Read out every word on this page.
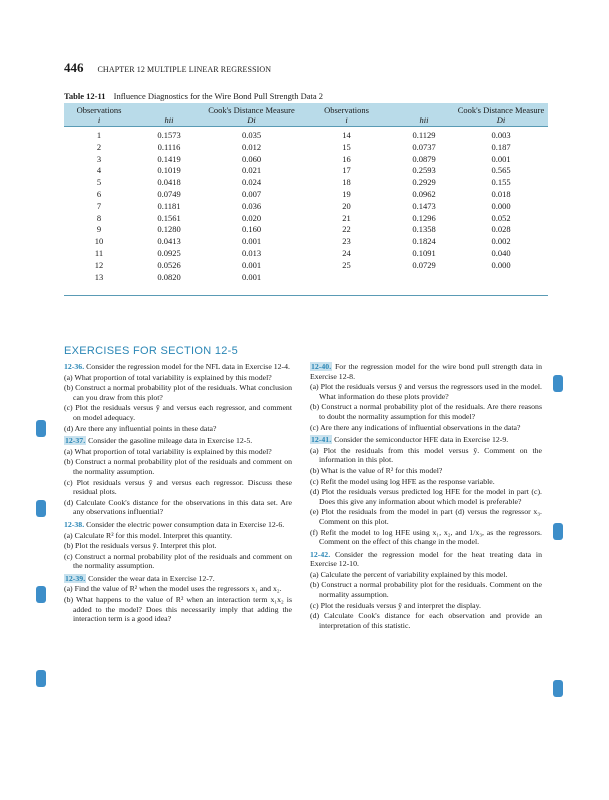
446 CHAPTER 12 MULTIPLE LINEAR REGRESSION
Table 12-11 Influence Diagnostics for the Wire Bond Pull Strength Data 2
Observations		Cook's Distance Measure	Observations		Cook's Distance Measure
i	hii	Di	i	hii	Di
1	0.1573	0.035	14	0.1129	0.003
2	0.1116	0.012	15	0.0737	0.187
3	0.1419	0.060	16	0.0879	0.001
4	0.1019	0.021	17	0.2593	0.565
5	0.0418	0.024	18	0.2929	0.155
6	0.0749	0.007	19	0.0962	0.018
7	0.1181	0.036	20	0.1473	0.000
8	0.1561	0.020	21	0.1296	0.052
9	0.1280	0.160	22	0.1358	0.028
10	0.0413	0.001	23	0.1824	0.002
11	0.0925	0.013	24	0.1091	0.040
12	0.0526	0.001	25	0.0729	0.000
13	0.0820	0.001			
EXERCISES FOR SECTION 12-5
12-36. Consider the regression model for the NFL data in Exercise 12-4.
(a) What proportion of total variability is explained by this model?
(b) Construct a normal probability plot of the residuals. What conclusion can you draw from this plot?
(c) Plot the residuals versus ŷ and versus each regressor, and comment on model adequacy.
(d) Are there any influential points in these data?
12-37. Consider the gasoline mileage data in Exercise 12-5.
(a) What proportion of total variability is explained by this model?
(b) Construct a normal probability plot of the residuals and comment on the normality assumption.
(c) Plot residuals versus ŷ and versus each regressor. Discuss these residual plots.
(d) Calculate Cook's distance for the observations in this data set. Are any observations influential?
12-38. Consider the electric power consumption data in Exercise 12-6.
(a) Calculate R² for this model. Interpret this quantity.
(b) Plot the residuals versus ŷ. Interpret this plot.
(c) Construct a normal probability plot of the residuals and comment on the normality assumption.
12-39. Consider the wear data in Exercise 12-7.
(a) Find the value of R² when the model uses the regressors x₁ and x₂.
(b) What happens to the value of R² when an interaction term x₁x₂ is added to the model? Does this necessarily imply that adding the interaction term is a good idea?
12-40. For the regression model for the wire bond pull strength data in Exercise 12-8.
(a) Plot the residuals versus ŷ and versus the regressors used in the model. What information do these plots provide?
(b) Construct a normal probability plot of the residuals. Are there reasons to doubt the normality assumption for this model?
(c) Are there any indications of influential observations in the data?
12-41. Consider the semiconductor HFE data in Exercise 12-9.
(a) Plot the residuals from this model versus ŷ. Comment on the information in this plot.
(b) What is the value of R² for this model?
(c) Refit the model using log HFE as the response variable.
(d) Plot the residuals versus predicted log HFE for the model in part (c). Does this give any information about which model is preferable?
(e) Plot the residuals from the model in part (d) versus the regressor x₃. Comment on this plot.
(f) Refit the model to log HFE using x₁, x₂, and 1/x₃, as the regressors. Comment on the effect of this change in the model.
12-42. Consider the regression model for the heat treating data in Exercise 12-10.
(a) Calculate the percent of variability explained by this model.
(b) Construct a normal probability plot for the residuals. Comment on the normality assumption.
(c) Plot the residuals versus ŷ and interpret the display.
(d) Calculate Cook's distance for each observation and provide an interpretation of this statistic.
